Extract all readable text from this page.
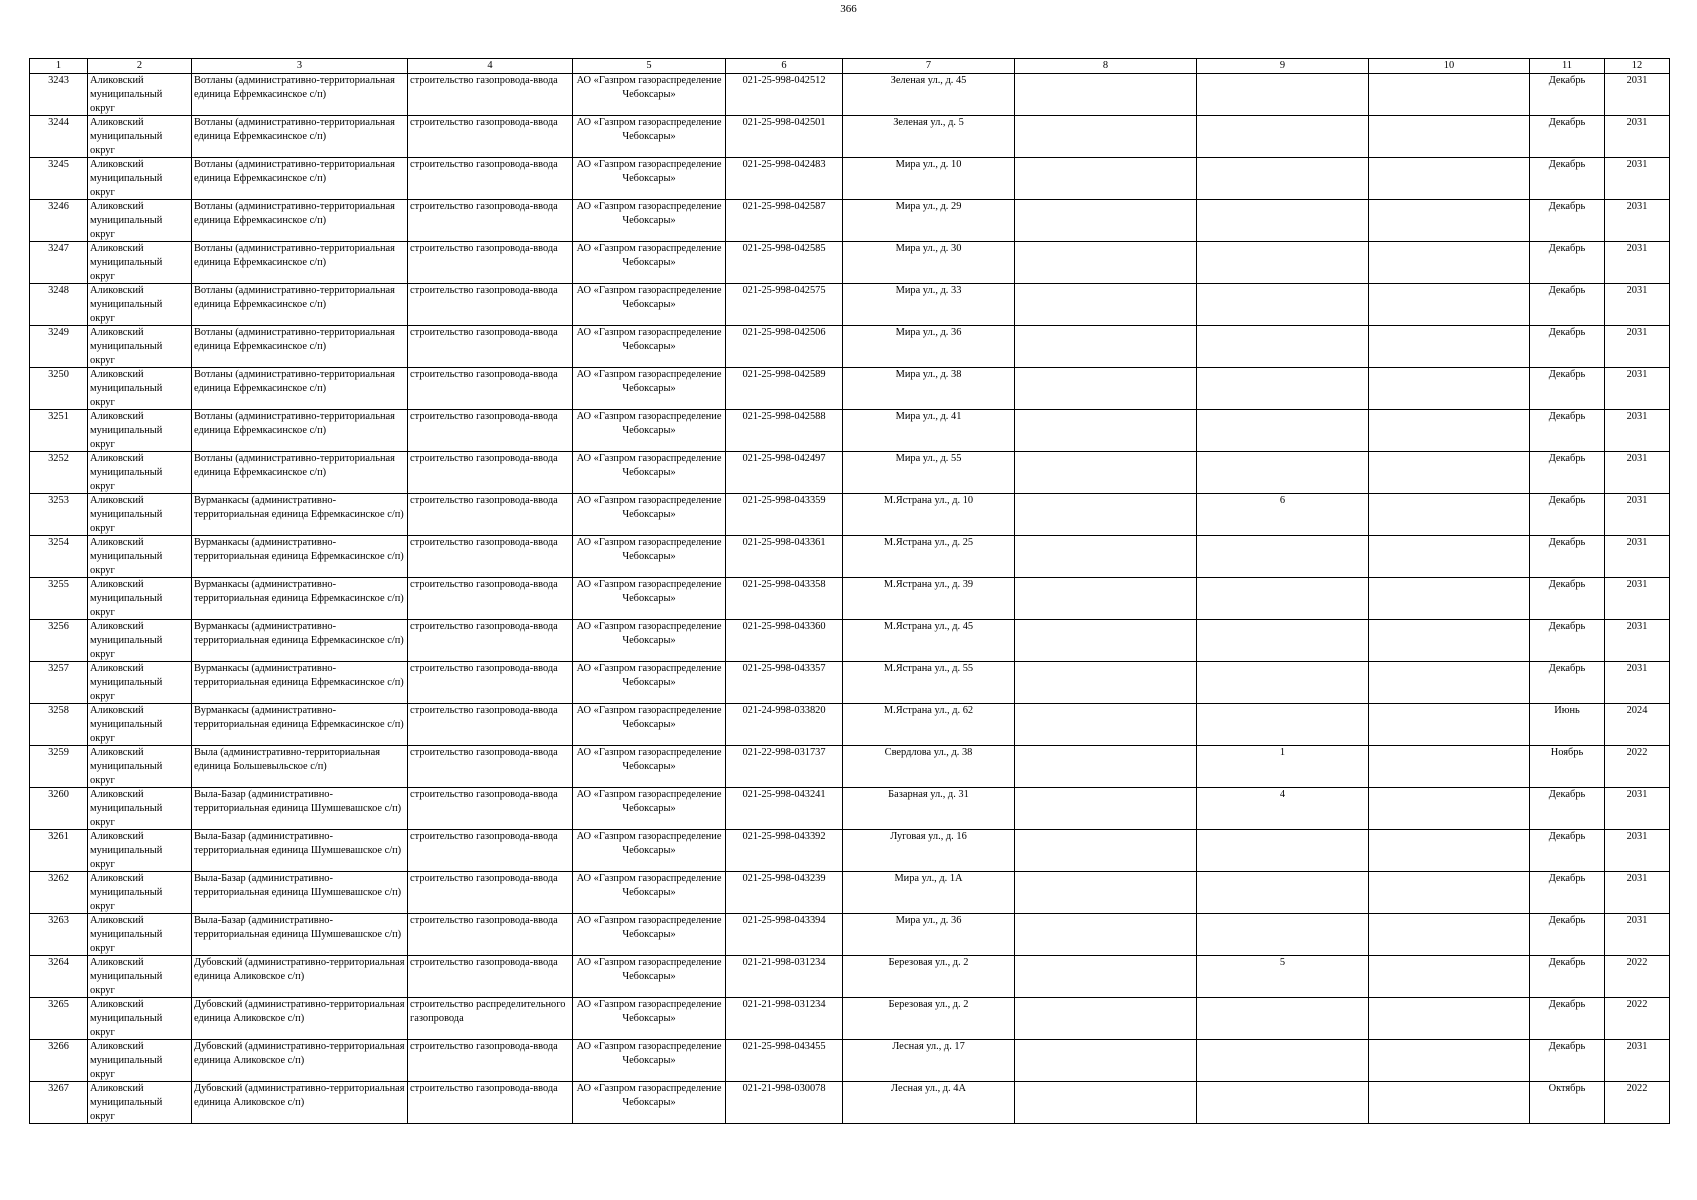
366
1	2	3	4	5	6	7	8	9	10	11	12

3243	Аликовский муниципальный округ	Вотланы (административно-территориальная единица Ефремкасинское с/п)	строительство газопровода-ввода	АО «Газпром газораспределение Чебоксары»	021-25-998-042512	Зеленая ул., д. 45				Декабрь	2031

3244	Аликовский муниципальный округ	Вотланы (административно-территориальная единица Ефремкасинское с/п)	строительство газопровода-ввода	АО «Газпром газораспределение Чебоксары»	021-25-998-042501	Зеленая ул., д. 5				Декабрь	2031

3245	Аликовский муниципальный округ	Вотланы (административно-территориальная единица Ефремкасинское с/п)	строительство газопровода-ввода	АО «Газпром газораспределение Чебоксары»	021-25-998-042483	Мира ул., д. 10				Декабрь	2031

3246	Аликовский муниципальный округ	Вотланы (административно-территориальная единица Ефремкасинское с/п)	строительство газопровода-ввода	АО «Газпром газораспределение Чебоксары»	021-25-998-042587	Мира ул., д. 29				Декабрь	2031

3247	Аликовский муниципальный округ	Вотланы (административно-территориальная единица Ефремкасинское с/п)	строительство газопровода-ввода	АО «Газпром газораспределение Чебоксары»	021-25-998-042585	Мира ул., д. 30				Декабрь	2031

3248	Аликовский муниципальный округ	Вотланы (административно-территориальная единица Ефремкасинское с/п)	строительство газопровода-ввода	АО «Газпром газораспределение Чебоксары»	021-25-998-042575	Мира ул., д. 33				Декабрь	2031

3249	Аликовский муниципальный округ	Вотланы (административно-территориальная единица Ефремкасинское с/п)	строительство газопровода-ввода	АО «Газпром газораспределение Чебоксары»	021-25-998-042506	Мира ул., д. 36				Декабрь	2031

3250	Аликовский муниципальный округ	Вотланы (административно-территориальная единица Ефремкасинское с/п)	строительство газопровода-ввода	АО «Газпром газораспределение Чебоксары»	021-25-998-042589	Мира ул., д. 38				Декабрь	2031

3251	Аликовский муниципальный округ	Вотланы (административно-территориальная единица Ефремкасинское с/п)	строительство газопровода-ввода	АО «Газпром газораспределение Чебоксары»	021-25-998-042588	Мира ул., д. 41				Декабрь	2031

3252	Аликовский муниципальный округ	Вотланы (административно-территориальная единица Ефремкасинское с/п)	строительство газопровода-ввода	АО «Газпром газораспределение Чебоксары»	021-25-998-042497	Мира ул., д. 55				Декабрь	2031

3253	Аликовский муниципальный округ	Вурманкасы (административно-территориальная единица Ефремкасинское с/п)	строительство газопровода-ввода	АО «Газпром газораспределение Чебоксары»	021-25-998-043359	М.Ястрана ул., д. 10		6		Декабрь	2031

3254	Аликовский муниципальный округ	Вурманкасы (административно-территориальная единица Ефремкасинское с/п)	строительство газопровода-ввода	АО «Газпром газораспределение Чебоксары»	021-25-998-043361	М.Ястрана ул., д. 25				Декабрь	2031

3255	Аликовский муниципальный округ	Вурманкасы (административно-территориальная единица Ефремкасинское с/п)	строительство газопровода-ввода	АО «Газпром газораспределение Чебоксары»	021-25-998-043358	М.Ястрана ул., д. 39				Декабрь	2031

3256	Аликовский муниципальный округ	Вурманкасы (административно-территориальная единица Ефремкасинское с/п)	строительство газопровода-ввода	АО «Газпром газораспределение Чебоксары»	021-25-998-043360	М.Ястрана ул., д. 45				Декабрь	2031

3257	Аликовский муниципальный округ	Вурманкасы (административно-территориальная единица Ефремкасинское с/п)	строительство газопровода-ввода	АО «Газпром газораспределение Чебоксары»	021-25-998-043357	М.Ястрана ул., д. 55				Декабрь	2031

3258	Аликовский муниципальный округ	Вурманкасы (административно-территориальная единица Ефремкасинское с/п)	строительство газопровода-ввода	АО «Газпром газораспределение Чебоксары»	021-24-998-033820	М.Ястрана ул., д. 62				Июнь	2024

3259	Аликовский муниципальный округ	Выла (административно-территориальная единица Большевыльское с/п)	строительство газопровода-ввода	АО «Газпром газораспределение Чебоксары»	021-22-998-031737	Свердлова ул., д. 38		1		Ноябрь	2022

3260	Аликовский муниципальный округ	Выла-Базар (административно-территориальная единица Шумшевашское с/п)	строительство газопровода-ввода	АО «Газпром газораспределение Чебоксары»	021-25-998-043241	Базарная ул., д. 31		4		Декабрь	2031

3261	Аликовский муниципальный округ	Выла-Базар (административно-территориальная единица Шумшевашское с/п)	строительство газопровода-ввода	АО «Газпром газораспределение Чебоксары»	021-25-998-043392	Луговая ул., д. 16				Декабрь	2031

3262	Аликовский муниципальный округ	Выла-Базар (административно-территориальная единица Шумшевашское с/п)	строительство газопровода-ввода	АО «Газпром газораспределение Чебоксары»	021-25-998-043239	Мира ул., д. 1А				Декабрь	2031

3263	Аликовский муниципальный округ	Выла-Базар (административно-территориальная единица Шумшевашское с/п)	строительство газопровода-ввода	АО «Газпром газораспределение Чебоксары»	021-25-998-043394	Мира ул., д. 36				Декабрь	2031

3264	Аликовский муниципальный округ	Дубовский (административно-территориальная единица Аликовское с/п)	строительство газопровода-ввода	АО «Газпром газораспределение Чебоксары»	021-21-998-031234	Березовая ул., д. 2		5		Декабрь	2022

3265	Аликовский муниципальный округ	Дубовский (административно-территориальная единица Аликовское с/п)	строительство распределительного газопровода	АО «Газпром газораспределение Чебоксары»	021-21-998-031234	Березовая ул., д. 2				Декабрь	2022

3266	Аликовский муниципальный округ	Дубовский (административно-территориальная единица Аликовское с/п)	строительство газопровода-ввода	АО «Газпром газораспределение Чебоксары»	021-25-998-043455	Лесная ул., д. 17				Декабрь	2031

3267	Аликовский муниципальный округ	Дубовский (административно-территориальная единица Аликовское с/п)	строительство газопровода-ввода	АО «Газпром газораспределение Чебоксары»	021-21-998-030078	Лесная ул., д. 4А				Октябрь	2022
